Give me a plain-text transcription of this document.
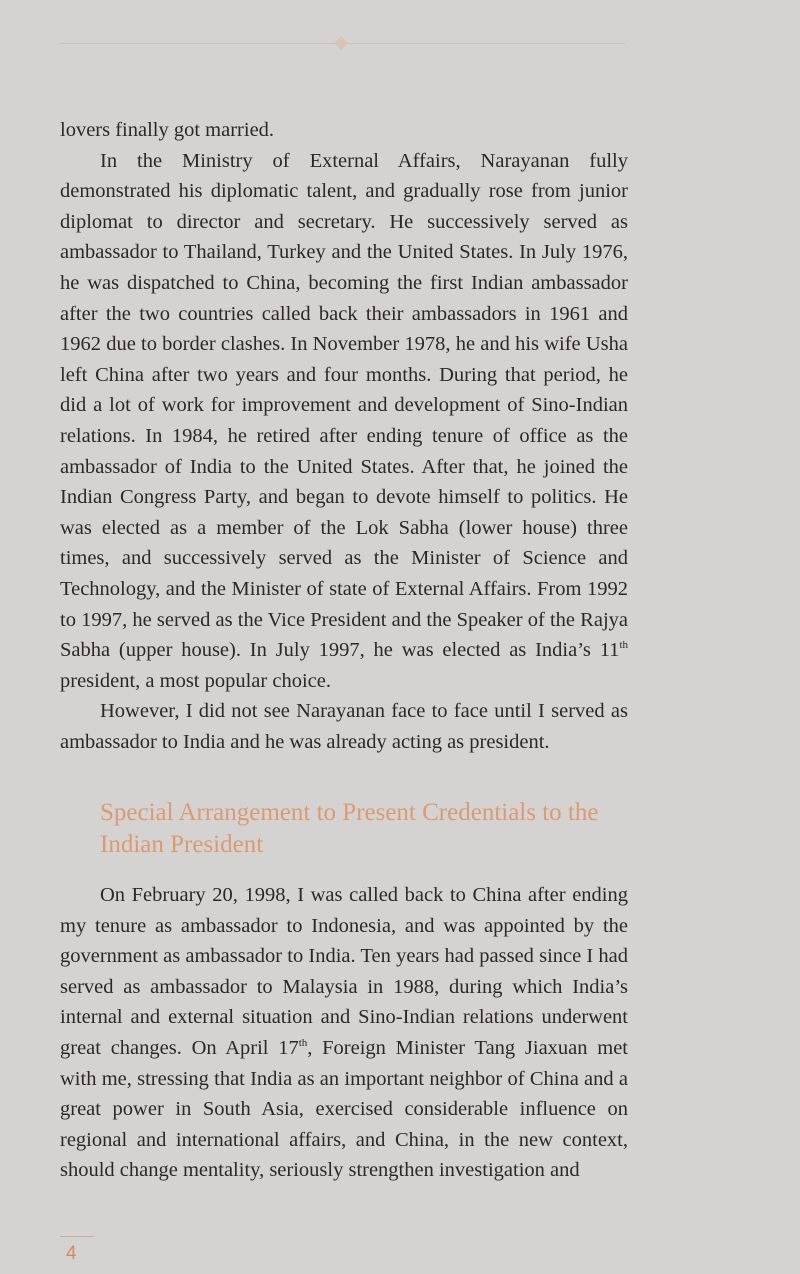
lovers finally got married.

In the Ministry of External Affairs, Narayanan fully demonstrated his diplomatic talent, and gradually rose from junior diplomat to director and secretary. He successively served as ambassador to Thailand, Turkey and the United States. In July 1976, he was dispatched to China, becoming the first Indian ambassador after the two countries called back their ambassadors in 1961 and 1962 due to border clashes. In November 1978, he and his wife Usha left China after two years and four months. During that period, he did a lot of work for improvement and development of Sino-Indian relations. In 1984, he retired after ending tenure of office as the ambassador of India to the United States. After that, he joined the Indian Congress Party, and began to devote himself to politics. He was elected as a member of the Lok Sabha (lower house) three times, and successively served as the Minister of Science and Technology, and the Minister of state of External Affairs. From 1992 to 1997, he served as the Vice President and the Speaker of the Rajya Sabha (upper house). In July 1997, he was elected as India’s 11th president, a most popular choice.

However, I did not see Narayanan face to face until I served as ambassador to India and he was already acting as president.

Special Arrangement to Present Credentials to the Indian President

On February 20, 1998, I was called back to China after ending my tenure as ambassador to Indonesia, and was appointed by the government as ambassador to India. Ten years had passed since I had served as ambassador to Malaysia in 1988, during which India’s internal and external situation and Sino-Indian relations underwent great changes. On April 17th, Foreign Minister Tang Jiaxuan met with me, stressing that India as an important neighbor of China and a great power in South Asia, exercised considerable influence on regional and international affairs, and China, in the new context, should change mentality, seriously strengthen investigation and

4
